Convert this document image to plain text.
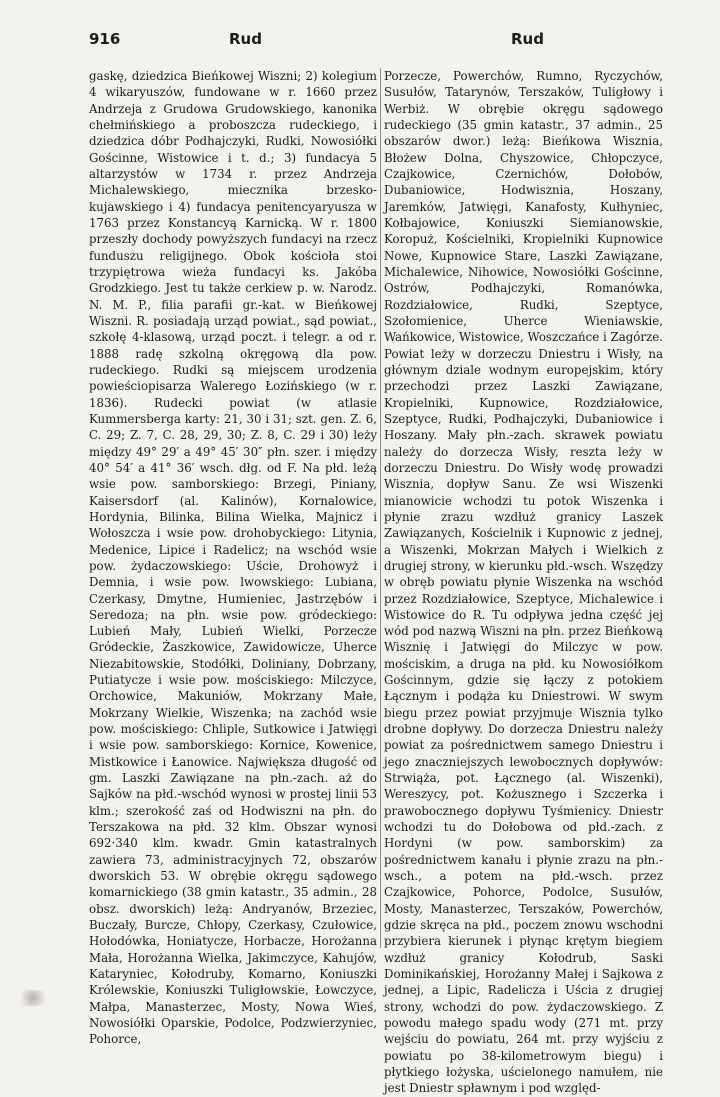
916	Rud	Rud

gaskę, dziedzica Bieńkowej Wiszni; 2) kolegium 4 wikaryuszów, fundowane w r. 1660 przez Andrzeja z Grudowa Grudowskiego, kanonika chełmińskiego a proboszcza rudeckiego, i dziedzica dóbr Podhajczyki, Rudki, Nowosiółki Gościnne, Wistowice i t. d.; 3) fundacya 5 altarzystów w 1734 r. przez Andrzeja Michalewskiego, miecznika brzesko-kujawskiego i 4) fundacya penitencyaryusza w 1763 przez Konstancyą Karnicką. W r. 1800 przeszły dochody powyższych fundacyi na rzecz funduszu religijnego. Obok kościoła stoi trzypiętrowa wieża fundacyi ks. Jakóba Grodzkiego. Jest tu także cerkiew p. w. Narodz. N. M. P., filia parafii gr.-kat. w Bieńkowej Wiszni. R. posiadają urząd powiat., sąd powiat., szkołę 4-klasową, urząd poczt. i telegr. a od r. 1888 radę szkolną okręgową dla pow. rudeckiego. Rudki są miejscem urodzenia powieściopisarza Walerego Łozińskiego (w r. 1836). Rudecki powiat (w atlasie Kummersberga karty: 21, 30 i 31; szt. gen. Z. 6, C. 29; Z. 7, C. 28, 29, 30; Z. 8, C. 29 i 30) leży między 49° 29′ a 49° 45′ 30″ płn. szer. i między 40° 54′ a 41° 36′ wsch. dłg. od F. Na płd. leżą wsie pow. samborskiego: Brzegi, Piniany, Kaisersdorf (al. Kalinów), Kornalowice, Hordynia, Bilinka, Bilina Wielka, Majnicz i Wołoszcza i wsie pow. drohobyckiego: Litynia, Medenice, Lipice i Radelicz; na wschód wsie pow. żydaczowskiego: Uście, Drohowyż i Demnia, i wsie pow. lwowskiego: Lubiana, Czerkasy, Dmytne, Humieniec, Jastrzębów i Seredoza; na płn. wsie pow. gródeckiego: Lubień Mały, Lubień Wielki, Porzecze Gródeckie, Żaszkowice, Zawidowicze, Uherce Niezabitowskie, Stodółki, Doliniany, Dobrzany, Putiatycze i wsie pow. mościskiego: Milczyce, Orchowice, Makuniów, Mokrzany Małe, Mokrzany Wielkie, Wiszenka; na zachód wsie pow. mościskiego: Chliple, Sutkowice i Jatwięgi i wsie pow. samborskiego: Kornice, Kowenice, Mistkowice i Łanowice. Największa długość od gm. Laszki Zawiązane na płn.-zach. aż do Sajków na płd.-wschód wynosi w prostej linii 53 klm.; szerokość zaś od Hodwiszni na płn. do Terszakowa na płd. 32 klm. Obszar wynosi 692·340 klm. kwadr. Gmin katastralnych zawiera 73, administracyjnych 72, obszarów dworskich 53. W obrębie okręgu sądowego komarnickiego (38 gmin katastr., 35 admin., 28 obsz. dworskich) leżą: Andryanów, Brzeziec, Buczały, Burcze, Chłopy, Czerkasy, Czułowice, Hołodówka, Honiatycze, Horbacze, Horożanna Mała, Horożanna Wielka, Jakimczyce, Kahujów, Kataryniec, Kołodruby, Komarno, Koniuszki Królewskie, Koniuszki Tuligłowskie, Łowczyce, Małpa, Manasterzec, Mosty, Nowa Wieś, Nowosiółki Oparskie, Podolce, Podzwierzyniec, Pohorce,

Porzecze, Powerchów, Rumno, Ryczychów, Susułów, Tatarynów, Terszaków, Tuligłowy i Werbiż. W obrębie okręgu sądowego rudeckiego (35 gmin katastr., 37 admin., 25 obszarów dwor.) leżą: Bieńkowa Wisznia, Błożew Dolna, Chyszowice, Chłopczyce, Czajkowice, Czernichów, Dołobów, Dubaniowice, Hodwisznia, Hoszany, Jaremków, Jatwięgi, Kanafosty, Kułhyniec, Kołbajowice, Koniuszki Siemianowskie, Koropuż, Kościelniki, Kropielniki Kupnowice Nowe, Kupnowice Stare, Laszki Zawiązane, Michalewice, Nihowice, Nowosiółki Gościnne, Ostrów, Podhajczyki, Romanówka, Rozdziałowice, Rudki, Szeptyce, Szołomienice, Uherce Wieniawskie, Wańkowice, Wistowice, Woszczańce i Zagórze. Powiat leży w dorzeczu Dniestru i Wisły, na głównym dziale wodnym europejskim, który przechodzi przez Laszki Zawiązane, Kropielniki, Kupnowice, Rozdziałowice, Szeptyce, Rudki, Podhajczyki, Dubaniowice i Hoszany. Mały płn.-zach. skrawek powiatu należy do dorzecza Wisły, reszta leży w dorzeczu Dniestru. Do Wisły wodę prowadzi Wisznia, dopływ Sanu. Ze wsi Wiszenki mianowicie wchodzi tu potok Wiszenka i płynie zrazu wzdłuż granicy Laszek Zawiązanych, Kościelnik i Kupnowic z jednej, a Wiszenki, Mokrzan Małych i Wielkich z drugiej strony, w kierunku płd.-wsch. Wszędzy w obręb powiatu płynie Wiszenka na wschód przez Rozdziałowice, Szeptyce, Michalewice i Wistowice do R. Tu odpływa jedna część jej wód pod nazwą Wiszni na płn. przez Bieńkową Wisznię i Jatwięgi do Milczyc w pow. mościskim, a druga na płd. ku Nowosiółkom Gościnnym, gdzie się łączy z potokiem Łącznym i podąża ku Dniestrowi. W swym biegu przez powiat przyjmuje Wisznia tylko drobne dopływy. Do dorzecza Dniestru należy powiat za pośrednictwem samego Dniestru i jego znaczniejszych lewobocznych dopływów: Strwiąża, pot. Łącznego (al. Wiszenki), Wereszycy, pot. Kożusznego i Szczerka i prawobocznego dopływu Tyśmienicy. Dniestr wchodzi tu do Dołobowa od płd.-zach. z Hordyni (w pow. samborskim) za pośrednictwem kanału i płynie zrazu na płn.-wsch., a potem na płd.-wsch. przez Czajkowice, Pohorce, Podolce, Susułów, Mosty, Manasterzec, Terszaków, Powerchów, gdzie skręca na płd., poczem znowu wschodni przybiera kierunek i płynąc krętym biegiem wzdłuż granicy Kołodrub, Saski Dominikańskiej, Horożanny Małej i Sajkowa z jednej, a Lipic, Radelicza i Uścia z drugiej strony, wchodzi do pow. żydaczowskiego. Z powodu małego spadu wody (271 mt. przy wejściu do powiatu, 264 mt. przy wyjściu z powiatu po 38-kilometrowym biegu) i płytkiego łożyska, uścielonego namułem, nie jest Dniestr spławnym i pod względ-
